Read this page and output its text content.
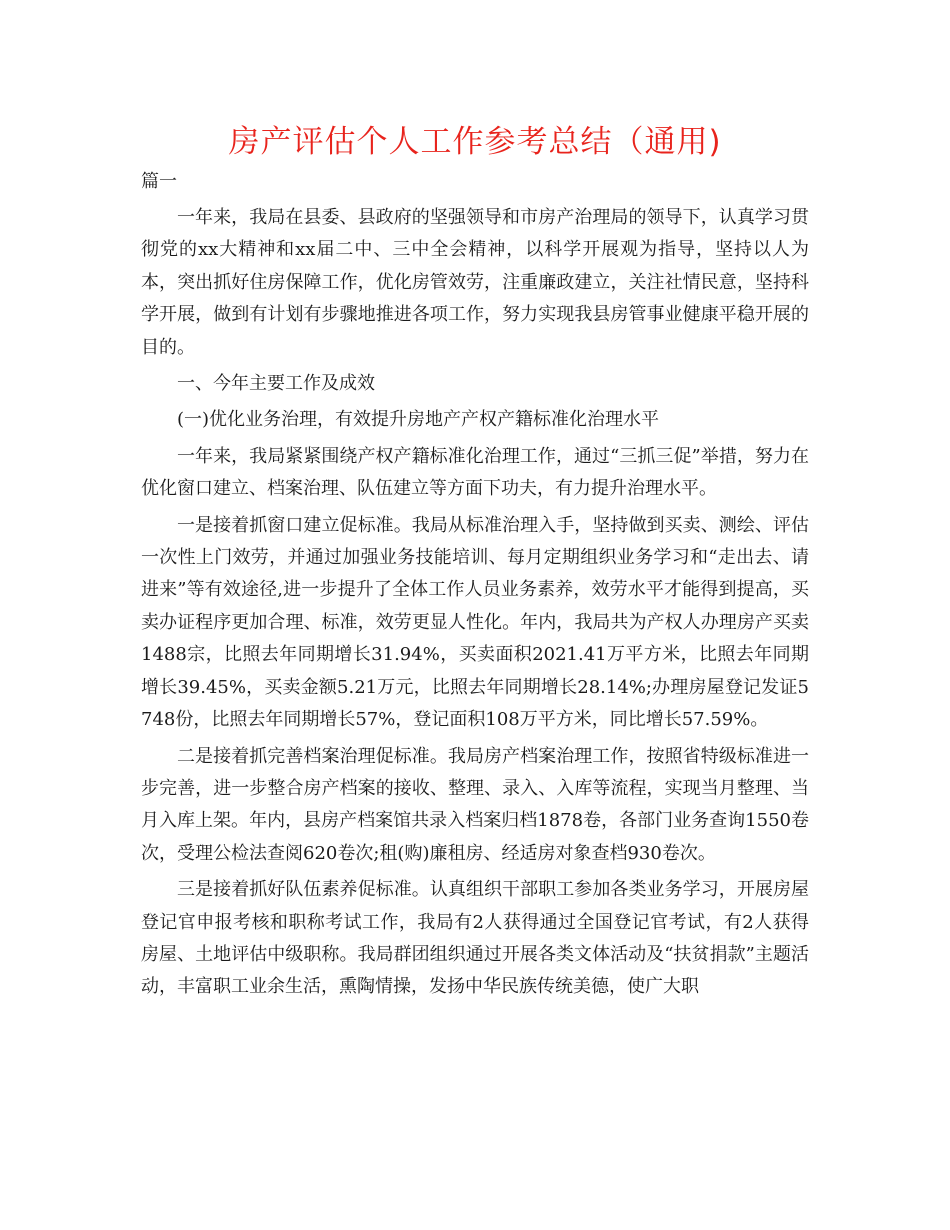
房产评估个人工作参考总结（通用)
篇一

一年来，我局在县委、县政府的坚强领导和市房产治理局的领导下，认真学习贯彻党的xx大精神和xx届二中、三中全会精神，以科学开展观为指导，坚持以人为本，突出抓好住房保障工作，优化房管效劳，注重廉政建立，关注社情民意，坚持科学开展，做到有计划有步骤地推进各项工作，努力实现我县房管事业健康平稳开展的目的。

一、今年主要工作及成效

(一)优化业务治理，有效提升房地产产权产籍标准化治理水平

一年来，我局紧紧围绕产权产籍标准化治理工作，通过“三抓三促”举措，努力在优化窗口建立、档案治理、队伍建立等方面下功夫，有力提升治理水平。

一是接着抓窗口建立促标准。我局从标准治理入手，坚持做到买卖、测绘、评估一次性上门效劳，并通过加强业务技能培训、每月定期组织业务学习和“走出去、请进来”等有效途径,进一步提升了全体工作人员业务素养，效劳水平才能得到提高，买卖办证程序更加合理、标准，效劳更显人性化。年内，我局共为产权人办理房产买卖1488宗，比照去年同期增长31.94%，买卖面积2021.41万平方米，比照去年同期增长39.45%，买卖金额5.21万元，比照去年同期增长28.14%;办理房屋登记发证5748份，比照去年同期增长57%，登记面积108万平方米，同比增长57.59%。

二是接着抓完善档案治理促标准。我局房产档案治理工作，按照省特级标准进一步完善，进一步整合房产档案的接收、整理、录入、入库等流程，实现当月整理、当月入库上架。年内，县房产档案馆共录入档案归档1878卷，各部门业务查询1550卷次，受理公检法查阅620卷次;租(购)廉租房、经适房对象查档930卷次。

三是接着抓好队伍素养促标准。认真组织干部职工参加各类业务学习，开展房屋登记官申报考核和职称考试工作，我局有2人获得通过全国登记官考试，有2人获得房屋、土地评估中级职称。我局群团组织通过开展各类文体活动及“扶贫捐款”主题活动，丰富职工业余生活，熏陶情操，发扬中华民族传统美德，使广大职
